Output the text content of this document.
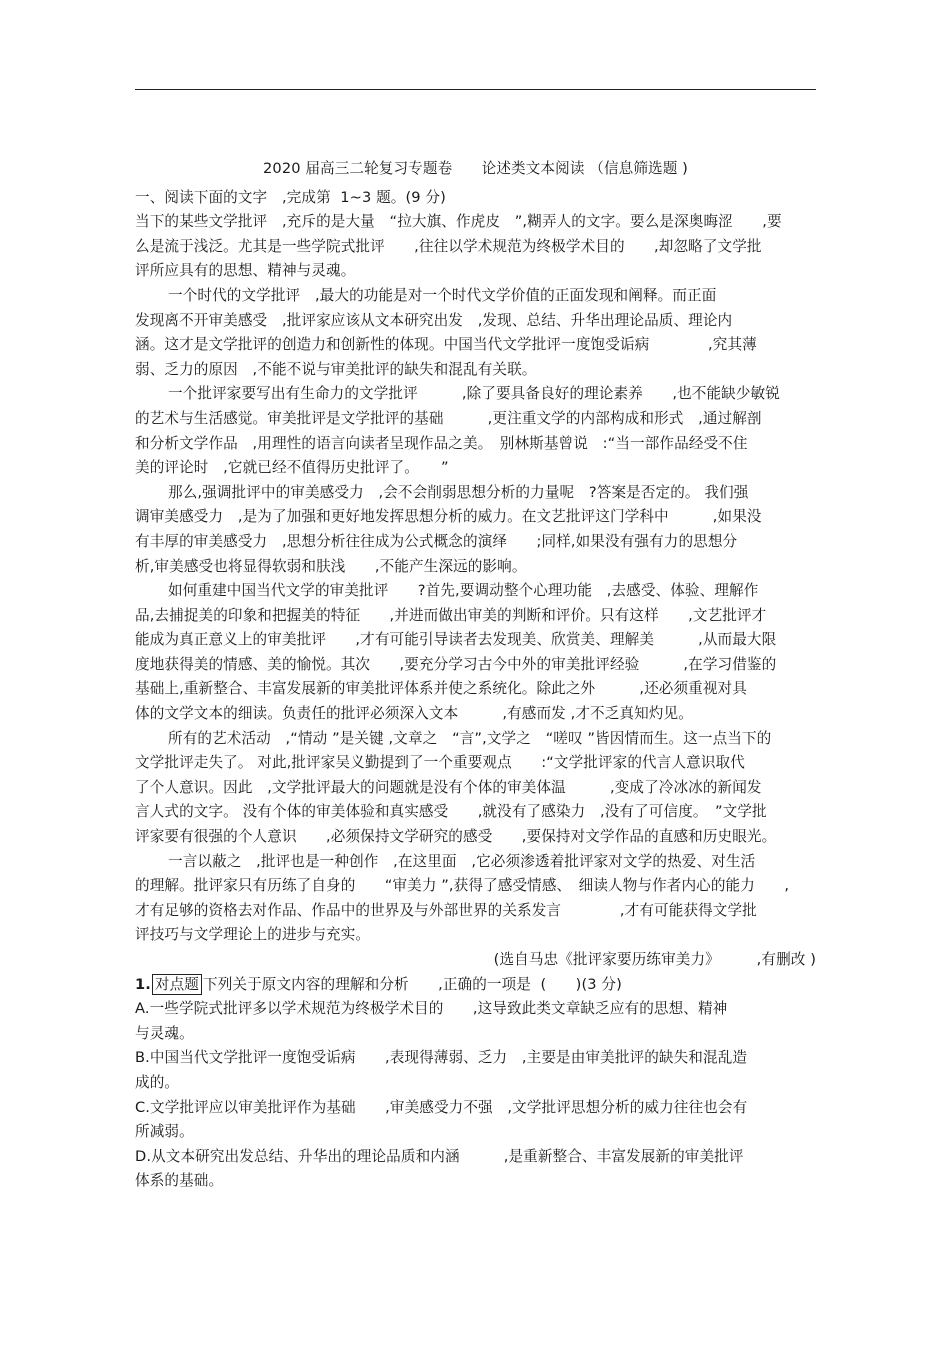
2020 届高三二轮复习专题卷　　论述类文本阅读 （信息筛选题 )
一、阅读下面的文字　,完成第  1~3 题。(9 分)
当下的某些文学批评　,充斥的是大量　“拉大旗、作虎皮　”,糊弄人的文字。要么是深奥晦涩　　,要
么是流于浅泛。尤其是一些学院式批评　　,往往以学术规范为终极学术目的　　,却忽略了文学批
评所应具有的思想、精神与灵魂。
一个时代的文学批评　,最大的功能是对一个时代文学价值的正面发现和阐释。而正面
发现离不开审美感受　,批评家应该从文本研究出发　,发现、总结、升华出理论品质、理论内
涵。这才是文学批评的创造力和创新性的体现。中国当代文学批评一度饱受诟病　　　　,究其薄
弱、乏力的原因　,不能不说与审美批评的缺失和混乱有关联。
一个批评家要写出有生命力的文学批评　　　,除了要具备良好的理论素养　　,也不能缺少敏锐
的艺术与生活感觉。审美批评是文学批评的基础　　　,更注重文学的内部构成和形式　,通过解剖
和分析文学作品　,用理性的语言向读者呈现作品之美。　别林斯基曾说　:“当一部作品经受不住
美的评论时　,它就已经不值得历史批评了。　　”
那么,强调批评中的审美感受力　,会不会削弱思想分析的力量呢　?答案是否定的。 我们强
调审美感受力　,是为了加强和更好地发挥思想分析的威力。在文艺批评这门学科中　　　,如果没
有丰厚的审美感受力　,思想分析往往成为公式概念的演绎　　;同样,如果没有强有力的思想分
析,审美感受也将显得软弱和肤浅　　,不能产生深远的影响。
如何重建中国当代文学的审美批评　　?首先,要调动整个心理功能　,去感受、体验、理解作
品,去捕捉美的印象和把握美的特征　　,并进而做出审美的判断和评价。只有这样　　,文艺批评才
能成为真正意义上的审美批评　　,才有可能引导读者去发现美、欣赏美、理解美　　　,从而最大限
度地获得美的情感、美的愉悦。其次　　,要充分学习古今中外的审美批评经验　　　,在学习借鉴的
基础上,重新整合、丰富发展新的审美批评体系并使之系统化。除此之外　　　,还必须重视对具
体的文学文本的细读。负责任的批评必须深入文本　　　,有感而发 ,才不乏真知灼见。
所有的艺术活动　,“情动 ”是关键 ,文章之　“言”,文学之　“嗟叹 ”皆因情而生。这一点当下的
文学批评走失了。 对此,批评家吴义勤提到了一个重要观点　　:“文学批评家的代言人意识取代
了个人意识。因此　,文学批评最大的问题就是没有个体的审美体温　　　,变成了冷冰冰的新闻发
言人式的文字。 没有个体的审美体验和真实感受　　,就没有了感染力　,没有了可信度。　”文学批
评家要有很强的个人意识　　,必须保持文学研究的感受　　,要保持对文学作品的直感和历史眼光。
一言以蔽之　,批评也是一种创作　,在这里面　,它必须渗透着批评家对文学的热爱、对生活
的理解。批评家只有历练了自身的　　“审美力 ”,获得了感受情感、　细读人物与作者内心的能力　　,
才有足够的资格去对作品、作品中的世界及与外部世界的关系发言　　　　,才有可能获得文学批
评技巧与文学理论上的进步与充实。
(选自马忠《批评家要历练审美力》　　　,有删改 )
1. 对点题 下列关于原文内容的理解和分析　　,正确的一项是  (　　)(3 分)
A.一些学院式批评多以学术规范为终极学术目的　　,这导致此类文章缺乏应有的思想、精神
与灵魂。
B.中国当代文学批评一度饱受诟病　　,表现得薄弱、乏力　,主要是由审美批评的缺失和混乱造
成的。
C.文学批评应以审美批评作为基础　　,审美感受力不强　,文学批评思想分析的威力往往也会有
所减弱。
D.从文本研究出发总结、升华出的理论品质和内涵　　　,是重新整合、丰富发展新的审美批评
体系的基础。
